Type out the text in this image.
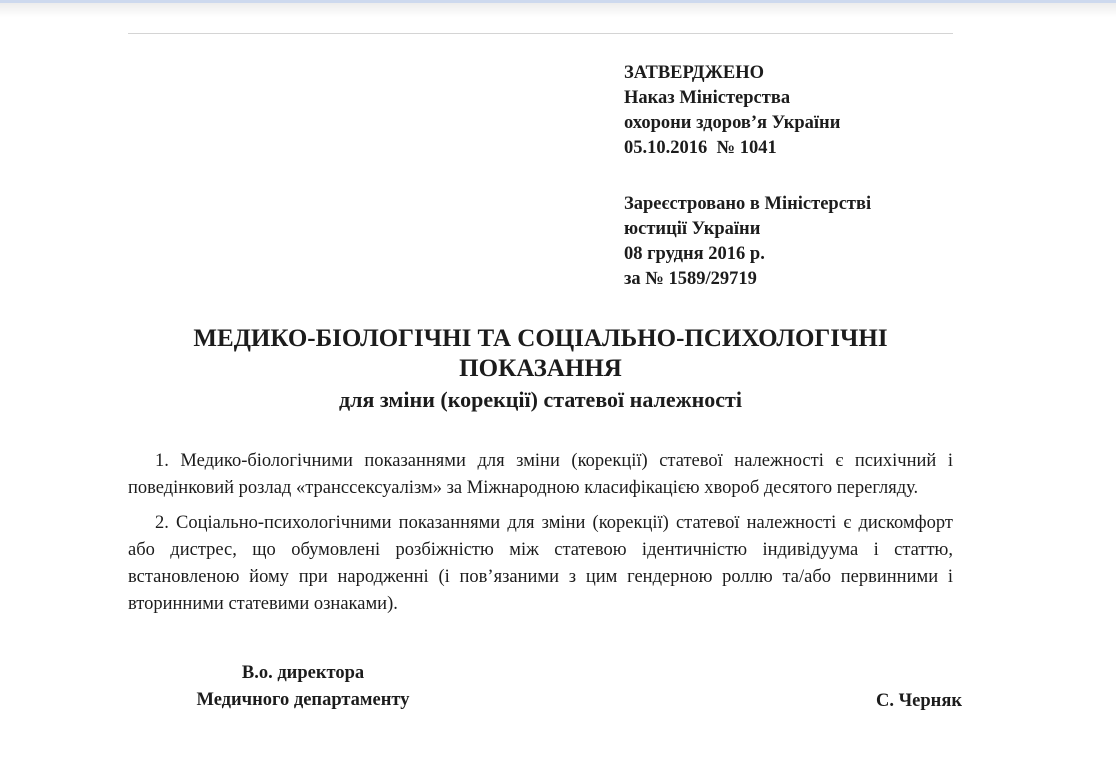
ЗАТВЕРДЖЕНО
Наказ Міністерства
охорони здоров’я України
05.10.2016  № 1041
Зареєстровано в Міністерстві
юстиції України
08 грудня 2016 р.
за № 1589/29719
МЕДИКО-БІОЛОГІЧНІ ТА СОЦІАЛЬНО-ПСИХОЛОГІЧНІ
ПОКАЗАННЯ
для зміни (корекції) статевої належності

1. Медико-біологічними показаннями для зміни (корекції) статевої належності є психічний і поведінковий розлад «транссексуалізм» за Міжнародною класифікацією хвороб десятого перегляду.

2. Соціально-психологічними показаннями для зміни (корекції) статевої належності є дискомфорт або дистрес, що обумовлені розбіжністю між статевою ідентичністю індивідуума і статтю, встановленою йому при народженні (і пов’язаними з цим гендерною роллю та/або первинними і вторинними статевими ознаками).

В.о. директора
Медичного департаменту	С. Черняк
